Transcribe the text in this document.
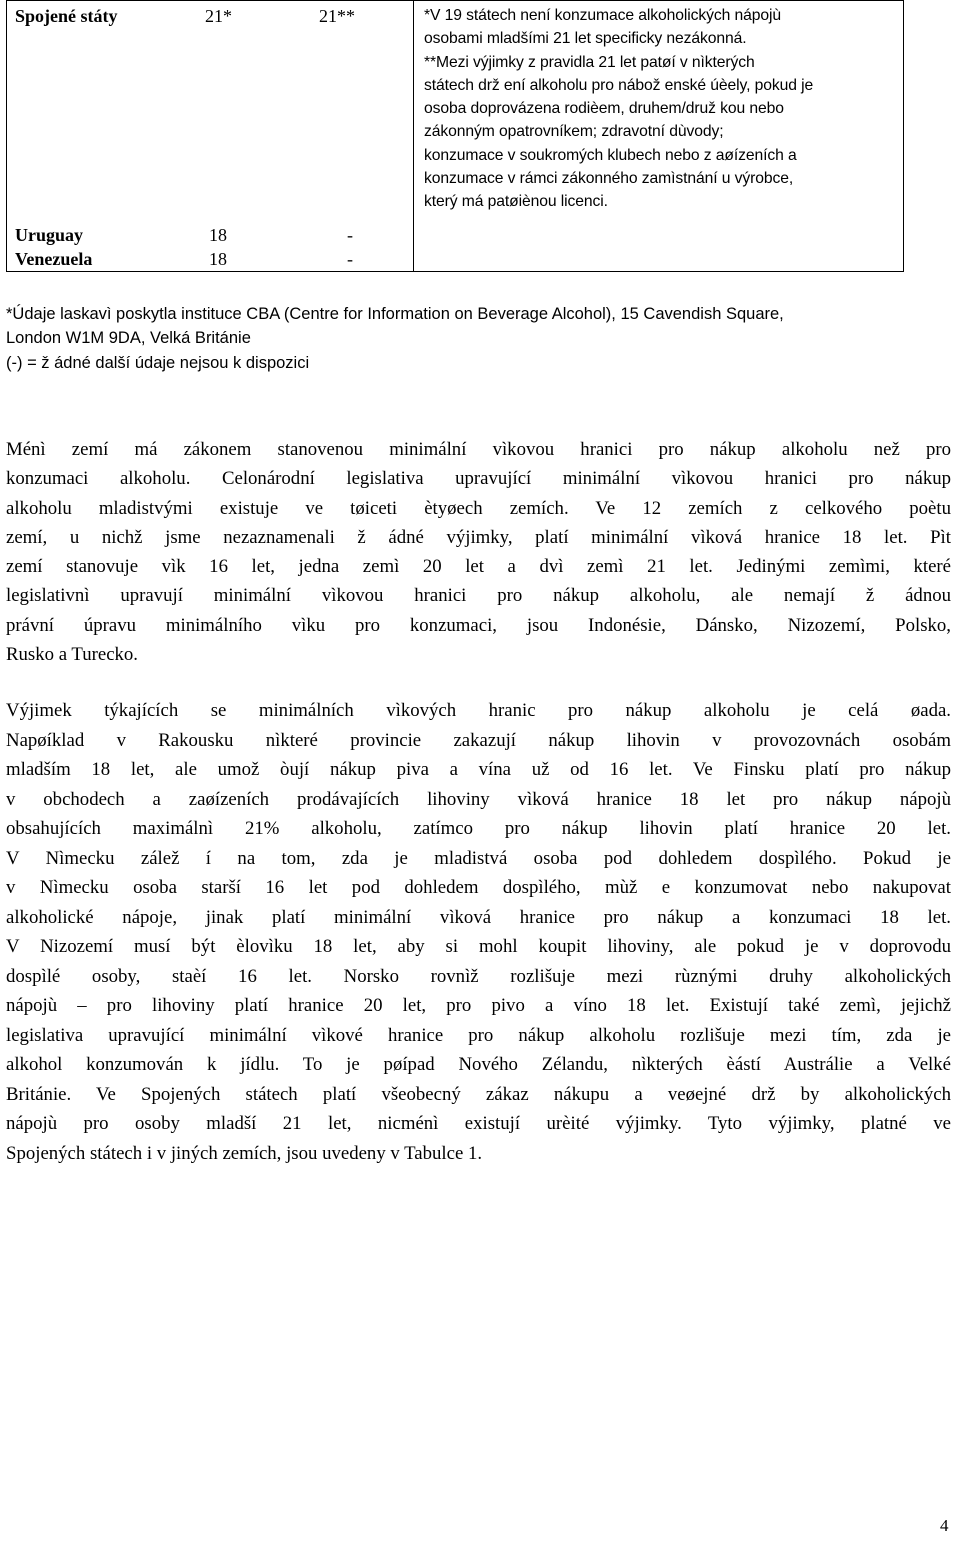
Spojené státy	21*	21**
Uruguay	18	-
Venezuela	18	-
*V 19 státech není konzumace alkoholických nápojù
osobami mladšími 21 let specificky nezákonná.
**Mezi výjimky z pravidla 21 let patøí v nìkterých
státech drž ení alkoholu pro nábož enské úèely, pokud je
osoba doprovázena rodièem, druhem/druž kou nebo
zákonným opatrovníkem; zdravotní dùvody;
konzumace v soukromých klubech nebo z aøízeních a
konzumace v rámci zákonného zamìstnání u výrobce,
který má patøiènou licenci.
*Údaje laskavì poskytla instituce CBA (Centre for Information on Beverage Alcohol), 15 Cavendish Square,
London W1M 9DA, Velká Británie
(-) = ž ádné další údaje nejsou k dispozici
Ménì zemí má zákonem stanovenou minimální vìkovou hranici pro nákup alkoholu než pro
konzumaci alkoholu. Celonárodní legislativa upravující minimální vìkovou hranici pro nákup
alkoholu mladistvými existuje ve tøiceti ètyøech zemích. Ve 12 zemích z celkového poètu
zemí, u nichž jsme nezaznamenali ž ádné výjimky, platí minimální vìková hranice 18 let. Pìt
zemí stanovuje vìk 16 let, jedna zemì 20 let a dvì zemì 21 let. Jedinými zemìmi, které
legislativnì upravují minimální vìkovou hranici pro nákup alkoholu, ale nemají ž ádnou
právní úpravu minimálního vìku pro konzumaci, jsou Indonésie, Dánsko, Nizozemí, Polsko,
Rusko a Turecko.
Výjimek týkajících se minimálních vìkových hranic pro nákup alkoholu je celá øada.
Napøíklad v Rakousku nìkteré provincie zakazují nákup lihovin v provozovnách osobám
mladším 18 let, ale umož òují nákup piva a vína už od 16 let. Ve Finsku platí pro nákup
v obchodech a zaøízeních prodávajících lihoviny vìková hranice 18 let pro nákup nápojù
obsahujících maximálnì 21% alkoholu, zatímco pro nákup lihovin platí hranice 20 let.
V Nìmecku zálež í na tom, zda je mladistvá osoba pod dohledem dospìlého. Pokud je
v Nìmecku osoba starší 16 let pod dohledem dospìlého, mùž e konzumovat nebo nakupovat
alkoholické nápoje, jinak platí minimální vìková hranice pro nákup a konzumaci 18 let.
V Nizozemí musí být èlovìku 18 let, aby si mohl koupit lihoviny, ale pokud je v doprovodu
dospìlé osoby, staèí 16 let. Norsko rovnìž rozlišuje mezi rùznými druhy alkoholických
nápojù – pro lihoviny platí hranice 20 let, pro pivo a víno 18 let. Existují také zemì, jejichž
legislativa upravující minimální vìkové hranice pro nákup alkoholu rozlišuje mezi tím, zda je
alkohol konzumován k jídlu. To je pøípad Nového Zélandu, nìkterých èástí Austrálie a Velké
Británie. Ve Spojených státech platí všeobecný zákaz nákupu a veøejné drž by alkoholických
nápojù pro osoby mladší 21 let, nicménì existují urèité výjimky. Tyto výjimky, platné ve
Spojených státech i v jiných zemích, jsou uvedeny v Tabulce 1.
4
